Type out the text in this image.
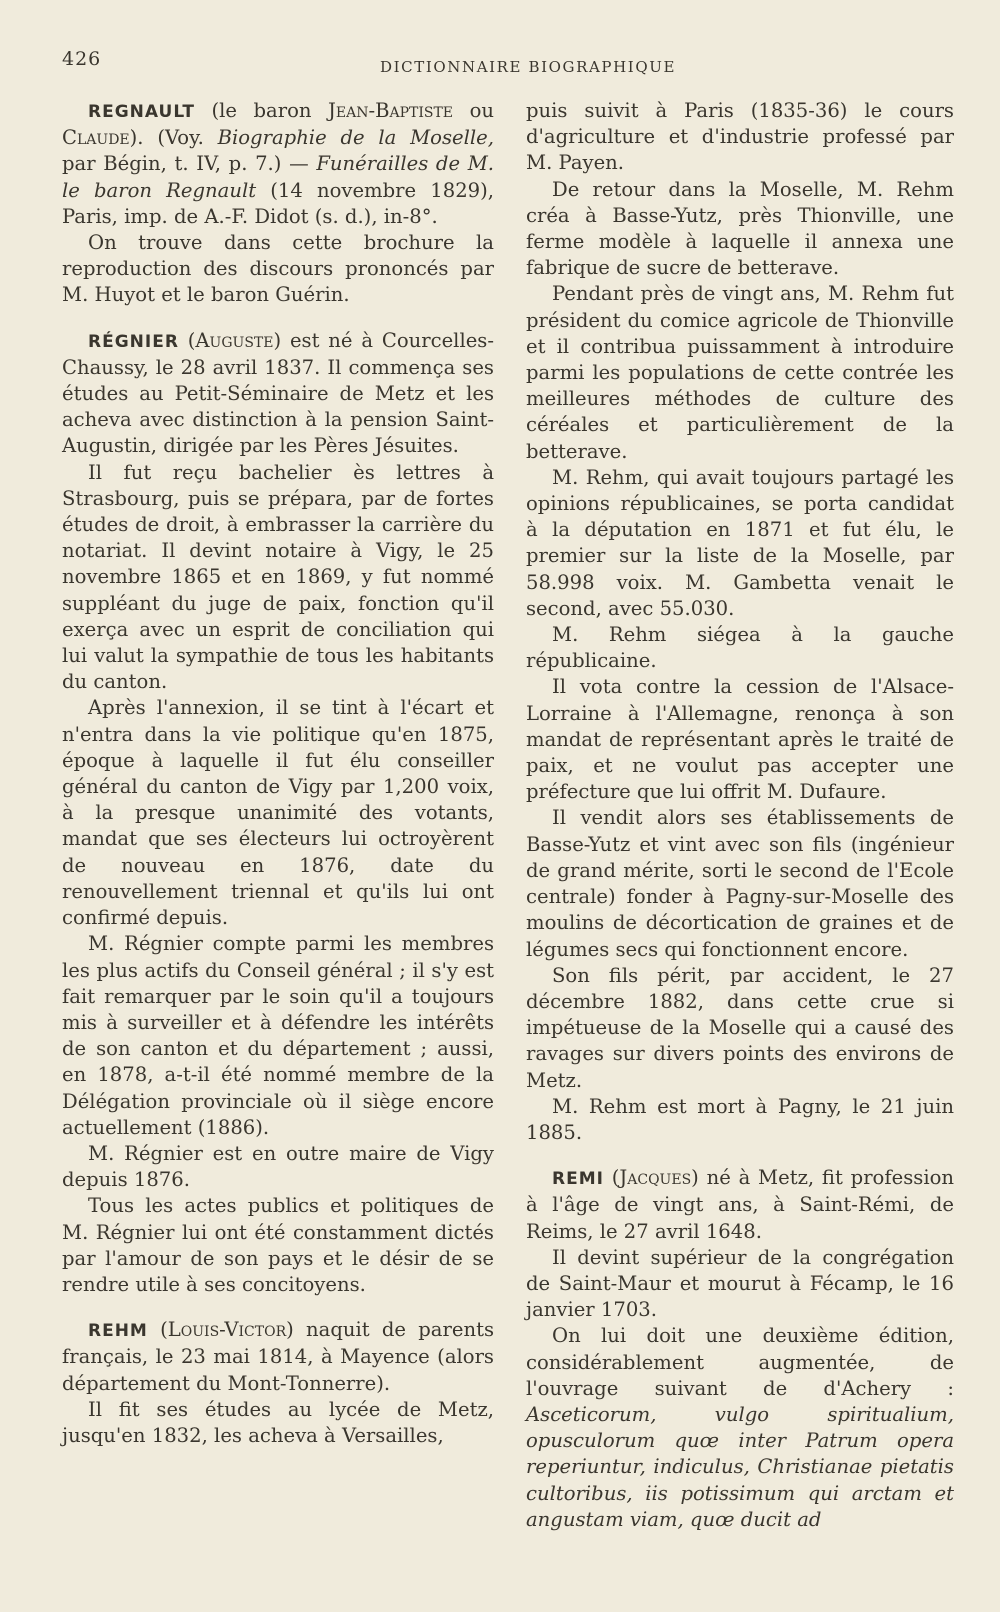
426	DICTIONNAIRE BIOGRAPHIQUE

REGNAULT (le baron Jean-Baptiste ou Claude). (Voy. Biographie de la Moselle, par Bégin, t. IV, p. 7.) — Funérailles de M. le baron Regnault (14 novembre 1829), Paris, imp. de A.-F. Didot (s. d.), in-8°.

On trouve dans cette brochure la reproduction des discours prononcés par M. Huyot et le baron Guérin.

RÉGNIER (Auguste) est né à Courcelles-Chaussy, le 28 avril 1837. Il commença ses études au Petit-Séminaire de Metz et les acheva avec distinction à la pension Saint-Augustin, dirigée par les Pères Jésuites.

Il fut reçu bachelier ès lettres à Strasbourg, puis se prépara, par de fortes études de droit, à embrasser la carrière du notariat. Il devint notaire à Vigy, le 25 novembre 1865 et en 1869, y fut nommé suppléant du juge de paix, fonction qu'il exerça avec un esprit de conciliation qui lui valut la sympathie de tous les habitants du canton.

Après l'annexion, il se tint à l'écart et n'entra dans la vie politique qu'en 1875, époque à laquelle il fut élu conseiller général du canton de Vigy par 1,200 voix, à la presque unanimité des votants, mandat que ses électeurs lui octroyèrent de nouveau en 1876, date du renouvellement triennal et qu'ils lui ont confirmé depuis.

M. Régnier compte parmi les membres les plus actifs du Conseil général ; il s'y est fait remarquer par le soin qu'il a toujours mis à surveiller et à défendre les intérêts de son canton et du département ; aussi, en 1878, a-t-il été nommé membre de la Délégation provinciale où il siège encore actuellement (1886).

M. Régnier est en outre maire de Vigy depuis 1876.

Tous les actes publics et politiques de M. Régnier lui ont été constamment dictés par l'amour de son pays et le désir de se rendre utile à ses concitoyens.

REHM (Louis-Victor) naquit de parents français, le 23 mai 1814, à Mayence (alors département du Mont-Tonnerre).

Il fit ses études au lycée de Metz, jusqu'en 1832, les acheva à Versailles,

puis suivit à Paris (1835-36) le cours d'agriculture et d'industrie professé par M. Payen.

De retour dans la Moselle, M. Rehm créa à Basse-Yutz, près Thionville, une ferme modèle à laquelle il annexa une fabrique de sucre de betterave.

Pendant près de vingt ans, M. Rehm fut président du comice agricole de Thionville et il contribua puissamment à introduire parmi les populations de cette contrée les meilleures méthodes de culture des céréales et particulièrement de la betterave.

M. Rehm, qui avait toujours partagé les opinions républicaines, se porta candidat à la députation en 1871 et fut élu, le premier sur la liste de la Moselle, par 58.998 voix. M. Gambetta venait le second, avec 55.030.

M. Rehm siégea à la gauche républicaine.

Il vota contre la cession de l'Alsace-Lorraine à l'Allemagne, renonça à son mandat de représentant après le traité de paix, et ne voulut pas accepter une préfecture que lui offrit M. Dufaure.

Il vendit alors ses établissements de Basse-Yutz et vint avec son fils (ingénieur de grand mérite, sorti le second de l'Ecole centrale) fonder à Pagny-sur-Moselle des moulins de décortication de graines et de légumes secs qui fonctionnent encore.

Son fils périt, par accident, le 27 décembre 1882, dans cette crue si impétueuse de la Moselle qui a causé des ravages sur divers points des environs de Metz.

M. Rehm est mort à Pagny, le 21 juin 1885.

REMI (Jacques) né à Metz, fit profession à l'âge de vingt ans, à Saint-Rémi, de Reims, le 27 avril 1648.

Il devint supérieur de la congrégation de Saint-Maur et mourut à Fécamp, le 16 janvier 1703.

On lui doit une deuxième édition, considérablement augmentée, de l'ouvrage suivant de d'Achery : Asceticorum, vulgo spiritualium, opusculorum quœ inter Patrum opera reperiuntur, indiculus, Christianae pietatis cultoribus, iis potissimum qui arctam et angustam viam, quœ ducit ad
